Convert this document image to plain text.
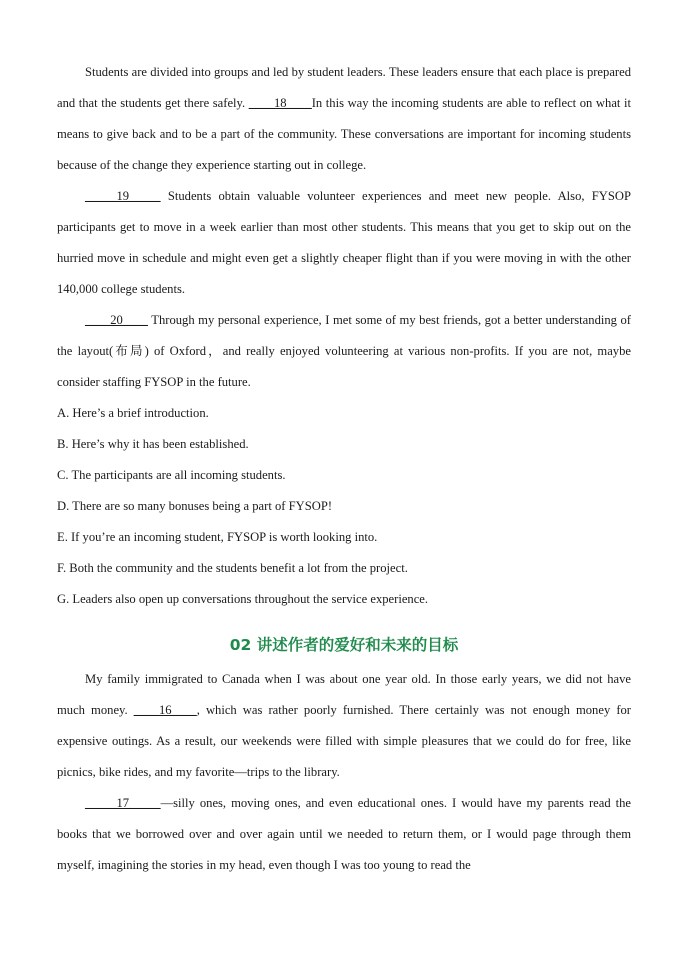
Students are divided into groups and led by student leaders. These leaders ensure that each place is prepared and that the students get there safely. ____18____In this way the incoming students are able to reflect on what it means to give back and to be a part of the community. These conversations are important for incoming students because of the change they experience starting out in college.

_____19_____ Students obtain valuable volunteer experiences and meet new people. Also, FYSOP participants get to move in a week earlier than most other students. This means that you get to skip out on the hurried move in schedule and might even get a slightly cheaper flight than if you were moving in with the other 140,000 college students.

____20____ Through my personal experience, I met some of my best friends, got a better understanding of the layout(布局) of Oxford，and really enjoyed volunteering at various non-profits. If you are not, maybe consider staffing FYSOP in the future.

A. Here’s a brief introduction.

B. Here’s why it has been established.

C. The participants are all incoming students.

D. There are so many bonuses being a part of FYSOP!

E. If you’re an incoming student, FYSOP is worth looking into.

F. Both the community and the students benefit a lot from the project.

G. Leaders also open up conversations throughout the service experience.

02 讲述作者的爱好和未来的目标

My family immigrated to Canada when I was about one year old. In those early years, we did not have much money. ____16____, which was rather poorly furnished. There certainly was not enough money for expensive outings. As a result, our weekends were filled with simple pleasures that we could do for free, like picnics, bike rides, and my favorite—trips to the library.

_____17_____—silly ones, moving ones, and even educational ones. I would have my parents read the books that we borrowed over and over again until we needed to return them, or I would page through them myself, imagining the stories in my head, even though I was too young to read the
